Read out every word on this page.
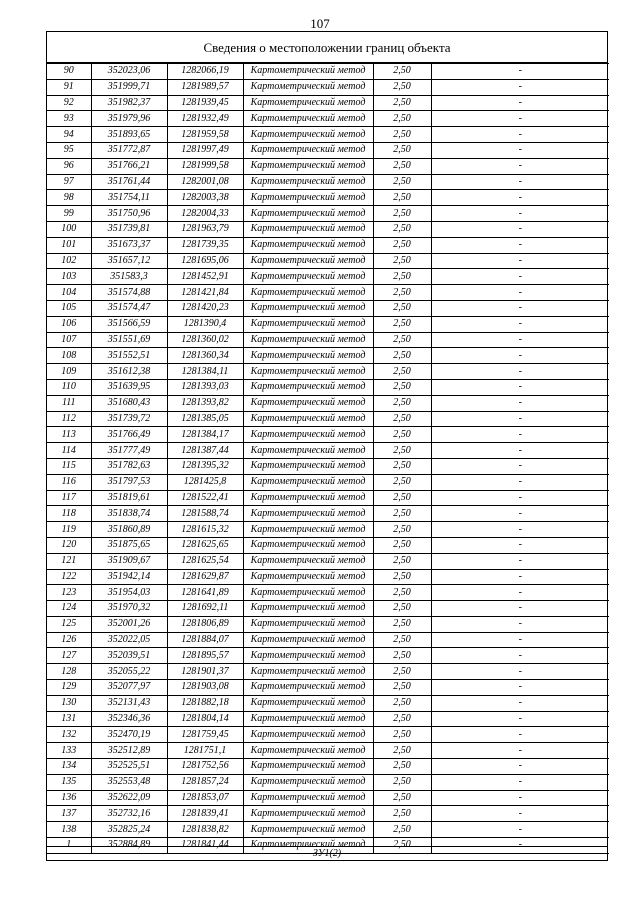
107
Сведения о местоположении границ объекта
90	352023,06	1282066,19	Картометрический метод	2,50	-
91	351999,71	1281989,57	Картометрический метод	2,50	-
92	351982,37	1281939,45	Картометрический метод	2,50	-
93	351979,96	1281932,49	Картометрический метод	2,50	-
94	351893,65	1281959,58	Картометрический метод	2,50	-
95	351772,87	1281997,49	Картометрический метод	2,50	-
96	351766,21	1281999,58	Картометрический метод	2,50	-
97	351761,44	1282001,08	Картометрический метод	2,50	-
98	351754,11	1282003,38	Картометрический метод	2,50	-
99	351750,96	1282004,33	Картометрический метод	2,50	-
100	351739,81	1281963,79	Картометрический метод	2,50	-
101	351673,37	1281739,35	Картометрический метод	2,50	-
102	351657,12	1281695,06	Картометрический метод	2,50	-
103	351583,3	1281452,91	Картометрический метод	2,50	-
104	351574,88	1281421,84	Картометрический метод	2,50	-
105	351574,47	1281420,23	Картометрический метод	2,50	-
106	351566,59	1281390,4	Картометрический метод	2,50	-
107	351551,69	1281360,02	Картометрический метод	2,50	-
108	351552,51	1281360,34	Картометрический метод	2,50	-
109	351612,38	1281384,11	Картометрический метод	2,50	-
110	351639,95	1281393,03	Картометрический метод	2,50	-
111	351680,43	1281393,82	Картометрический метод	2,50	-
112	351739,72	1281385,05	Картометрический метод	2,50	-
113	351766,49	1281384,17	Картометрический метод	2,50	-
114	351777,49	1281387,44	Картометрический метод	2,50	-
115	351782,63	1281395,32	Картометрический метод	2,50	-
116	351797,53	1281425,8	Картометрический метод	2,50	-
117	351819,61	1281522,41	Картометрический метод	2,50	-
118	351838,74	1281588,74	Картометрический метод	2,50	-
119	351860,89	1281615,32	Картометрический метод	2,50	-
120	351875,65	1281625,65	Картометрический метод	2,50	-
121	351909,67	1281625,54	Картометрический метод	2,50	-
122	351942,14	1281629,87	Картометрический метод	2,50	-
123	351954,03	1281641,89	Картометрический метод	2,50	-
124	351970,32	1281692,11	Картометрический метод	2,50	-
125	352001,26	1281806,89	Картометрический метод	2,50	-
126	352022,05	1281884,07	Картометрический метод	2,50	-
127	352039,51	1281895,57	Картометрический метод	2,50	-
128	352055,22	1281901,37	Картометрический метод	2,50	-
129	352077,97	1281903,08	Картометрический метод	2,50	-
130	352131,43	1281882,18	Картометрический метод	2,50	-
131	352346,36	1281804,14	Картометрический метод	2,50	-
132	352470,19	1281759,45	Картометрический метод	2,50	-
133	352512,89	1281751,1	Картометрический метод	2,50	-
134	352525,51	1281752,56	Картометрический метод	2,50	-
135	352553,48	1281857,24	Картометрический метод	2,50	-
136	352622,09	1281853,07	Картометрический метод	2,50	-
137	352732,16	1281839,41	Картометрический метод	2,50	-
138	352825,24	1281838,82	Картометрический метод	2,50	-
1	352884,89	1281841,44	Картометрический метод	2,50	-
ЗУ1(2)
